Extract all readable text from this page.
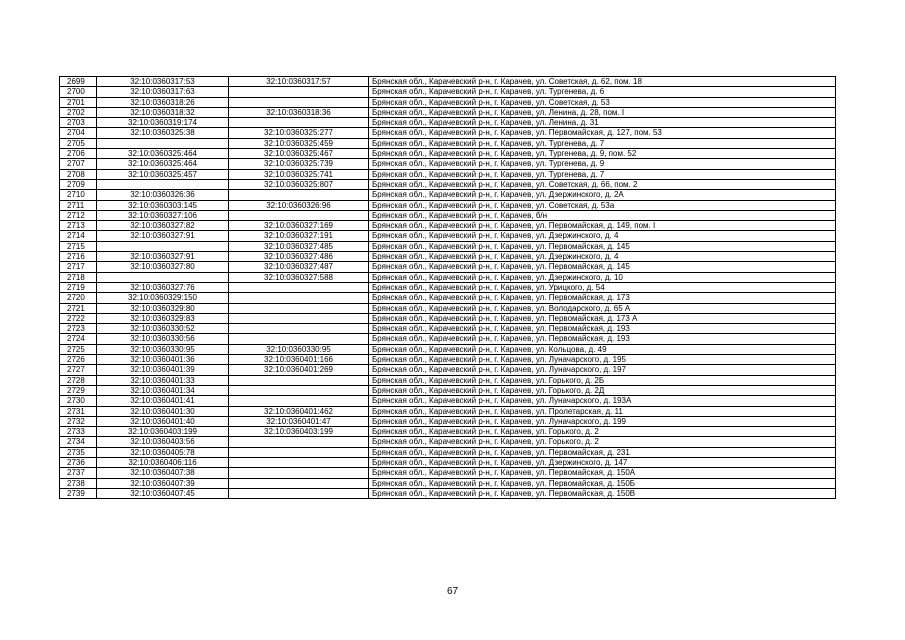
2699	32:10:0360317:53	32:10:0360317:57	Брянская обл., Карачевский р-н, г. Карачев, ул. Советская, д. 62, пом. 18
2700	32:10:0360317:63		Брянская обл., Карачевский р-н, г. Карачев, ул. Тургенева, д. 6
2701	32:10:0360318:26		Брянская обл., Карачевский р-н, г. Карачев, ул. Советская, д. 53
2702	32:10:0360318:32	32:10:0360318:36	Брянская обл., Карачевский р-н, г. Карачев, ул. Ленина, д. 28, пом. I
2703	32:10:0360319:174		Брянская обл., Карачевский р-н, г. Карачев, ул. Ленина, д. 31
2704	32:10:0360325:38	32:10:0360325:277	Брянская обл., Карачевский р-н, г. Карачев, ул. Первомайская, д. 127, пом. 53
2705		32:10:0360325:459	Брянская обл., Карачевский р-н, г. Карачев, ул. Тургенева, д. 7
2706	32:10:0360325:464	32:10:0360325:467	Брянская обл., Карачевский р-н, г. Карачев, ул. Тургенева, д. 9, пом. 52
2707	32:10:0360325:464	32:10:0360325:739	Брянская обл., Карачевский р-н, г. Карачев, ул. Тургенева, д. 9
2708	32:10:0360325:457	32:10:0360325:741	Брянская обл., Карачевский р-н, г. Карачев, ул. Тургенева, д. 7
2709		32:10:0360325:807	Брянская обл., Карачевский р-н, г. Карачев, ул. Советская, д. 66, пом. 2
2710	32:10:0360326:36		Брянская обл., Карачевский р-н, г. Карачев, ул. Дзержинского, д. 2А
2711	32:10:0360303:145	32:10:0360326:96	Брянская обл., Карачевский р-н, г. Карачев, ул. Советская, д. 53а
2712	32:10:0360327:106		Брянская обл., Карачевский р-н, г. Карачев, б/н
2713	32:10:0360327:82	32:10:0360327:169	Брянская обл., Карачевский р-н, г. Карачев, ул. Первомайская, д. 149, пом. I
2714	32:10:0360327:91	32:10:0360327:191	Брянская обл., Карачевский р-н, г. Карачев, ул. Дзержинского, д. 4
2715		32:10:0360327:485	Брянская обл., Карачевский р-н, г. Карачев, ул. Первомайская, д. 145
2716	32:10:0360327:91	32:10:0360327:486	Брянская обл., Карачевский р-н, г. Карачев, ул. Дзержинского, д. 4
2717	32:10:0360327:80	32:10:0360327:487	Брянская обл., Карачевский р-н, г. Карачев, ул. Первомайская, д. 145
2718		32:10:0360327:588	Брянская обл., Карачевский р-н, г. Карачев, ул. Дзержинского, д. 10
2719	32:10:0360327:76		Брянская обл., Карачевский р-н, г. Карачев, ул. Урицкого, д. 54
2720	32:10:0360329:150		Брянская обл., Карачевский р-н, г. Карачев, ул. Первомайская, д. 173
2721	32:10:0360329:80		Брянская обл., Карачевский р-н, г. Карачев, ул. Володарского, д. 65 А
2722	32:10:0360329:83		Брянская обл., Карачевский р-н, г. Карачев, ул. Первомайская, д. 173 А
2723	32:10:0360330:52		Брянская обл., Карачевский р-н, г. Карачев, ул. Первомайская, д. 193
2724	32:10:0360330:56		Брянская обл., Карачевский р-н, г. Карачев, ул. Первомайская, д. 193
2725	32:10:0360330:95	32:10:0360330:95	Брянская обл., Карачевский р-н, г. Карачев, ул. Кольцова, д. 49
2726	32:10:0360401:36	32:10:0360401:166	Брянская обл., Карачевский р-н, г. Карачев, ул. Луначарского, д. 195
2727	32:10:0360401:39	32:10:0360401:269	Брянская обл., Карачевский р-н, г. Карачев, ул. Луначарского, д. 197
2728	32:10:0360401:33		Брянская обл., Карачевский р-н, г. Карачев, ул. Горького, д. 2Б
2729	32:10:0360401:34		Брянская обл., Карачевский р-н, г. Карачев, ул. Горького, д. 2Д
2730	32:10:0360401:41		Брянская обл., Карачевский р-н, г. Карачев, ул. Луначарского, д. 193А
2731	32:10:0360401:30	32:10:0360401:462	Брянская обл., Карачевский р-н, г. Карачев, ул. Пролетарская, д. 11
2732	32:10:0360401:40	32:10:0360401:47	Брянская обл., Карачевский р-н, г. Карачев, ул. Луначарского, д. 199
2733	32:10:0360403:199	32:10:0360403:199	Брянская обл., Карачевский р-н, г. Карачев, ул. Горького, д. 2
2734	32:10:0360403:56		Брянская обл., Карачевский р-н, г. Карачев, ул. Горького, д. 2
2735	32:10:0360405:78		Брянская обл., Карачевский р-н, г. Карачев, ул. Первомайская, д. 231
2736	32:10:0360406:116		Брянская обл., Карачевский р-н, г. Карачев, ул. Дзержинского, д. 147
2737	32:10:0360407:38		Брянская обл., Карачевский р-н, г. Карачев, ул. Первомайская, д. 150А
2738	32:10:0360407:39		Брянская обл., Карачевский р-н, г. Карачев, ул. Первомайская, д. 150Б
2739	32:10:0360407:45		Брянская обл., Карачевский р-н, г. Карачев, ул. Первомайская, д. 150В
67
